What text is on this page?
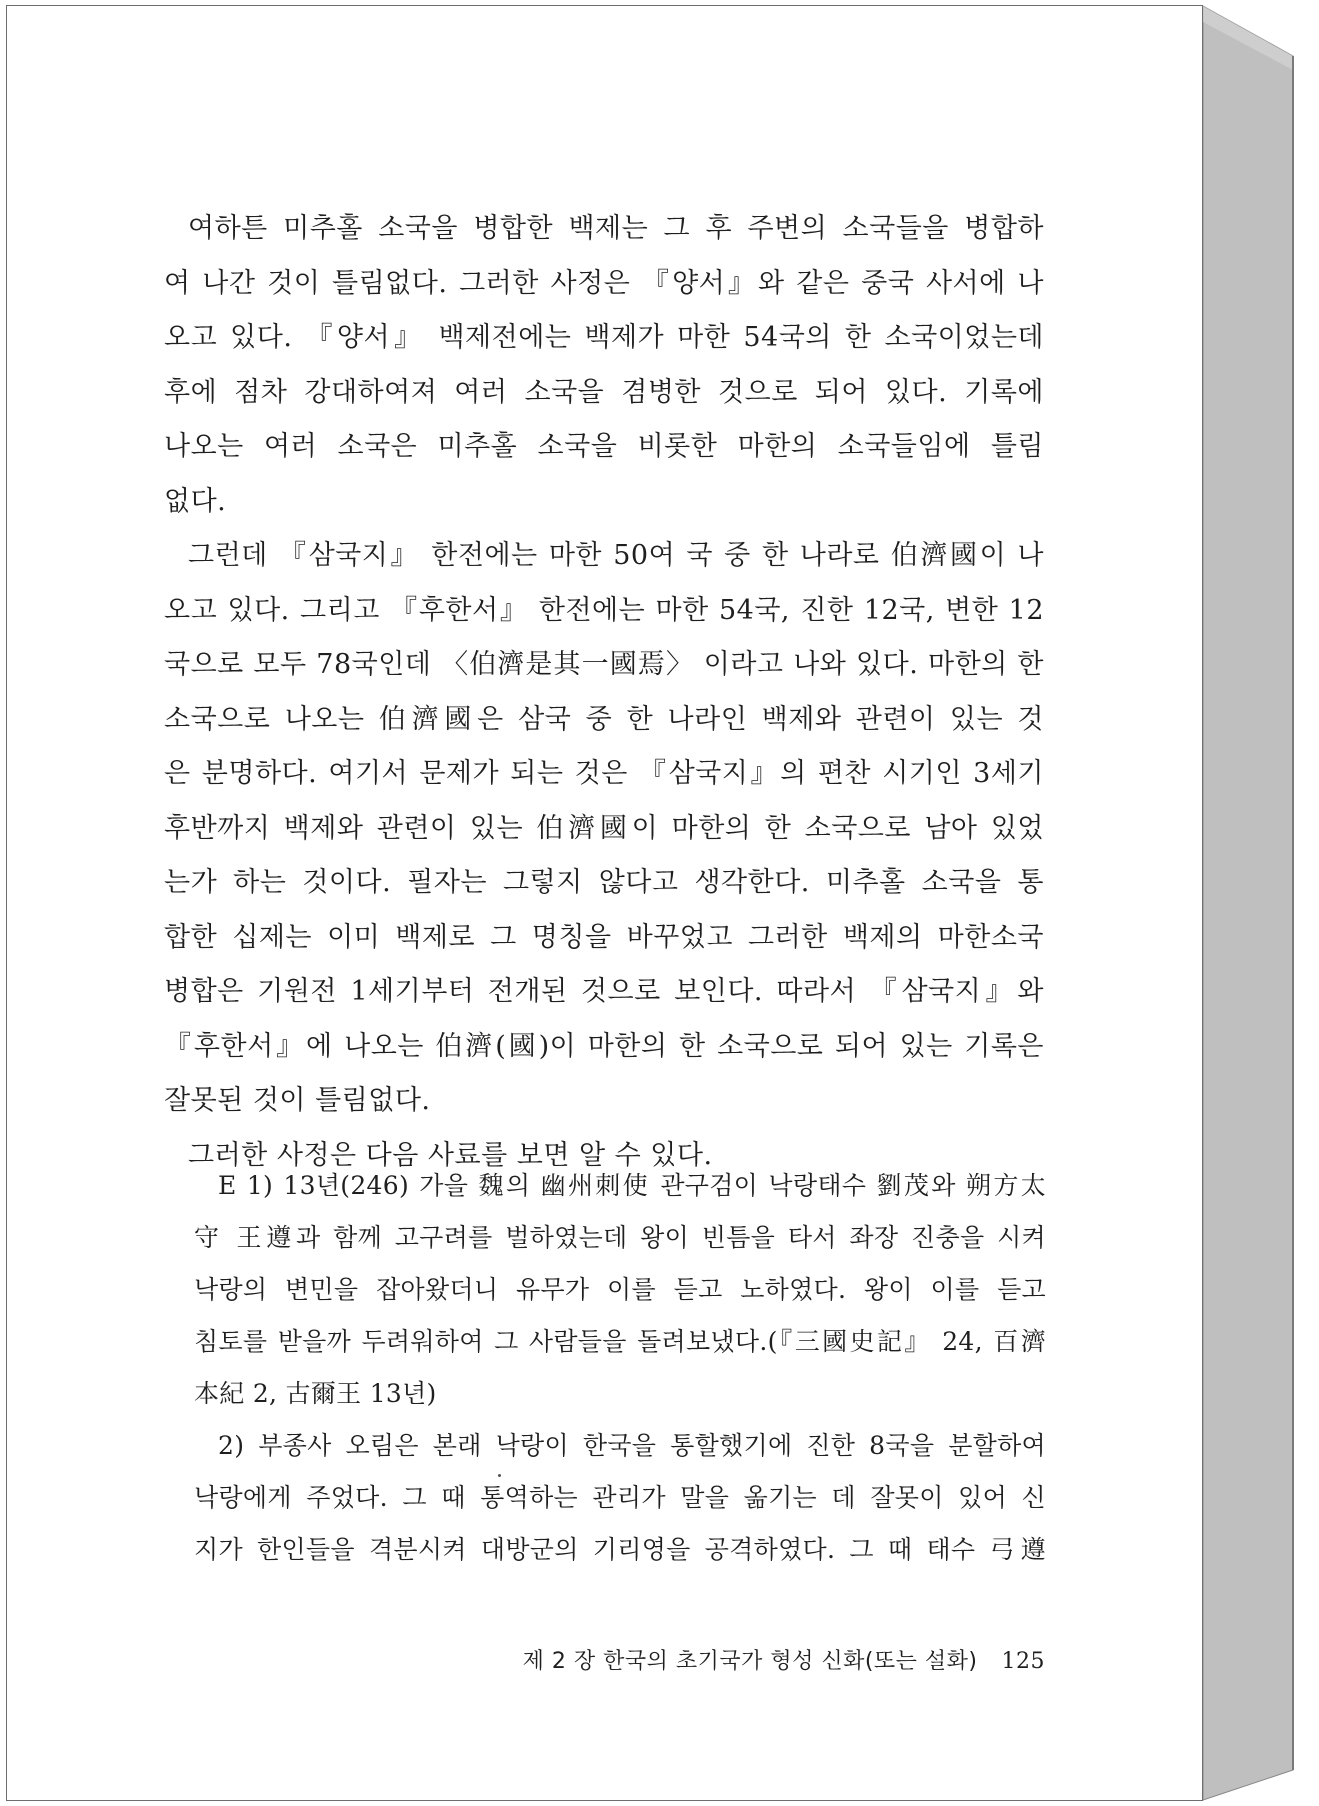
여하튼 미추홀 소국을 병합한 백제는 그 후 주변의 소국들을 병합하
여 나간 것이 틀림없다. 그러한 사정은 『양서』와 같은 중국 사서에 나
오고 있다. 『양서』 백제전에는 백제가 마한 54국의 한 소국이었는데
후에 점차 강대하여져 여러 소국을 겸병한 것으로 되어 있다. 기록에
나오는 여러 소국은 미추홀 소국을 비롯한 마한의 소국들임에 틀림
없다.
그런데 『삼국지』 한전에는 마한 50여 국 중 한 나라로 伯濟國이 나
오고 있다. 그리고 『후한서』 한전에는 마한 54국, 진한 12국, 변한 12
국으로 모두 78국인데 〈伯濟是其一國焉〉 이라고 나와 있다. 마한의 한
소국으로 나오는 伯濟國은 삼국 중 한 나라인 백제와 관련이 있는 것
은 분명하다. 여기서 문제가 되는 것은 『삼국지』의 편찬 시기인 3세기
후반까지 백제와 관련이 있는 伯濟國이 마한의 한 소국으로 남아 있었
는가 하는 것이다. 필자는 그렇지 않다고 생각한다. 미추홀 소국을 통
합한 십제는 이미 백제로 그 명칭을 바꾸었고 그러한 백제의 마한소국
병합은 기원전 1세기부터 전개된 것으로 보인다. 따라서 『삼국지』와
『후한서』에 나오는 伯濟(國)이 마한의 한 소국으로 되어 있는 기록은
잘못된 것이 틀림없다.
그러한 사정은 다음 사료를 보면 알 수 있다.
E 1) 13년(246) 가을 魏의 幽州刺使 관구검이 낙랑태수 劉茂와 朔方太
守 王遵과 함께 고구려를 벌하였는데 왕이 빈틈을 타서 좌장 진충을 시켜
낙랑의 변민을 잡아왔더니 유무가 이를 듣고 노하였다. 왕이 이를 듣고
침토를 받을까 두려워하여 그 사람들을 돌려보냈다.(『三國史記』 24, 百濟
本紀 2, 古爾王 13년)
2) 부종사 오림은 본래 낙랑이 한국을 통할했기에 진한 8국을 분할하여
낙랑에게 주었다. 그 때 통역하는 관리가 말을 옮기는 데 잘못이 있어 신
지가 한인들을 격분시켜 대방군의 기리영을 공격하였다. 그 때 태수 弓遵
제 2 장 한국의 초기국가 형성 신화(또는 설화) 125
